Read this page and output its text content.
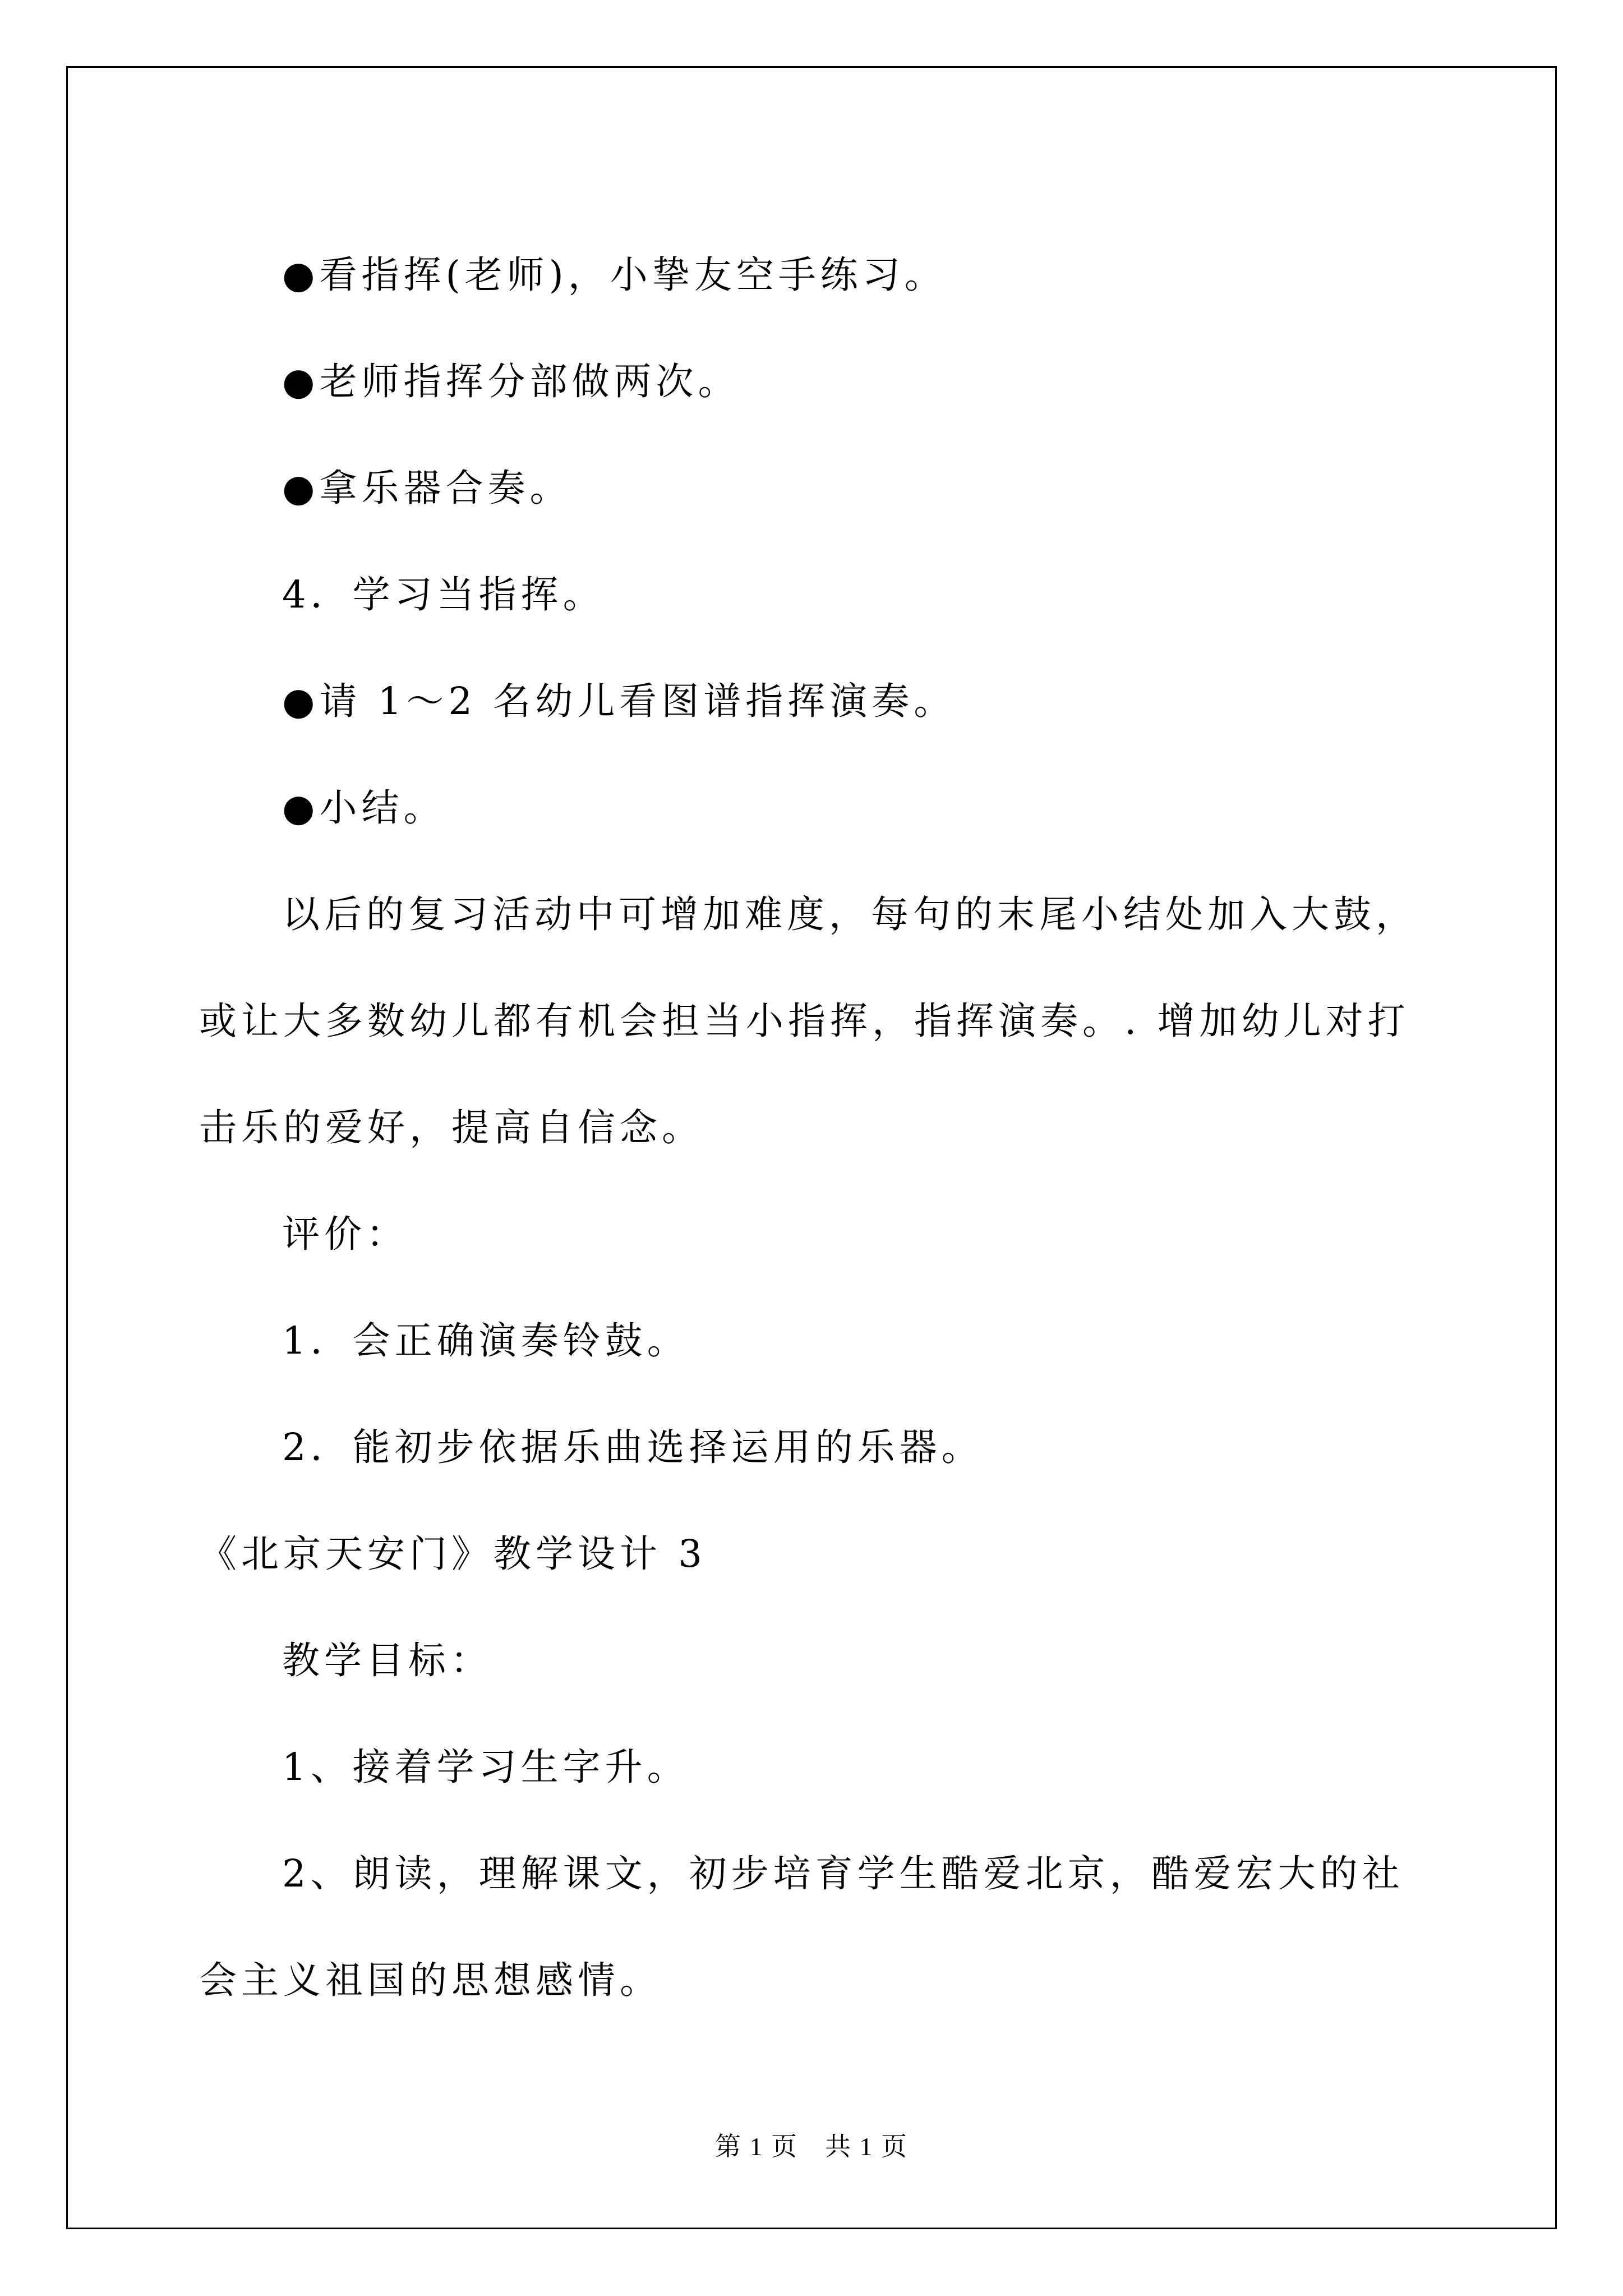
●看指挥(老师)，小挚友空手练习。

●老师指挥分部做两次。

●拿乐器合奏。

4．学习当指挥。

●请 1～2 名幼儿看图谱指挥演奏。

●小结。

以后的复习活动中可增加难度，每句的末尾小结处加入大鼓，或让大多数幼儿都有机会担当小指挥，指挥演奏。. 增加幼儿对打击乐的爱好，提高自信念。

评价：

1．会正确演奏铃鼓。

2．能初步依据乐曲选择运用的乐器。

《北京天安门》教学设计 3

教学目标：

1、接着学习生字升。

2、朗读，理解课文，初步培育学生酷爱北京，酷爱宏大的社会主义祖国的思想感情。

第 1 页　共 1 页
